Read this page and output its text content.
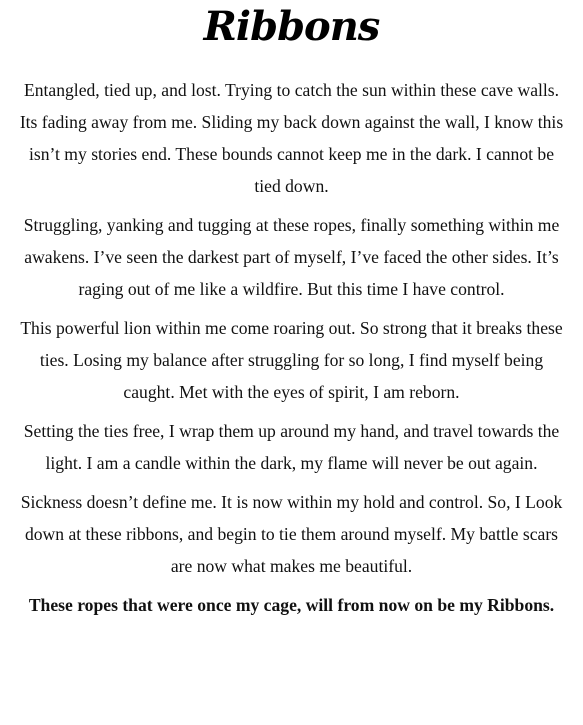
Ribbons

Entangled, tied up, and lost. Trying to catch the sun within these cave walls. Its fading away from me. Sliding my back down against the wall, I know this isn’t my stories end. These bounds cannot keep me in the dark. I cannot be tied down.

Struggling, yanking and tugging at these ropes, finally something within me awakens. I’ve seen the darkest part of myself, I’ve faced the other sides. It’s raging out of me like a wildfire. But this time I have control.

This powerful lion within me come roaring out. So strong that it breaks these ties. Losing my balance after struggling for so long, I find myself being caught. Met with the eyes of spirit, I am reborn.

Setting the ties free, I wrap them up around my hand, and travel towards the light. I am a candle within the dark, my flame will never be out again.

Sickness doesn’t define me. It is now within my hold and control. So, I Look down at these ribbons, and begin to tie them around myself. My battle scars are now what makes me beautiful.

These ropes that were once my cage, will from now on be my Ribbons.
